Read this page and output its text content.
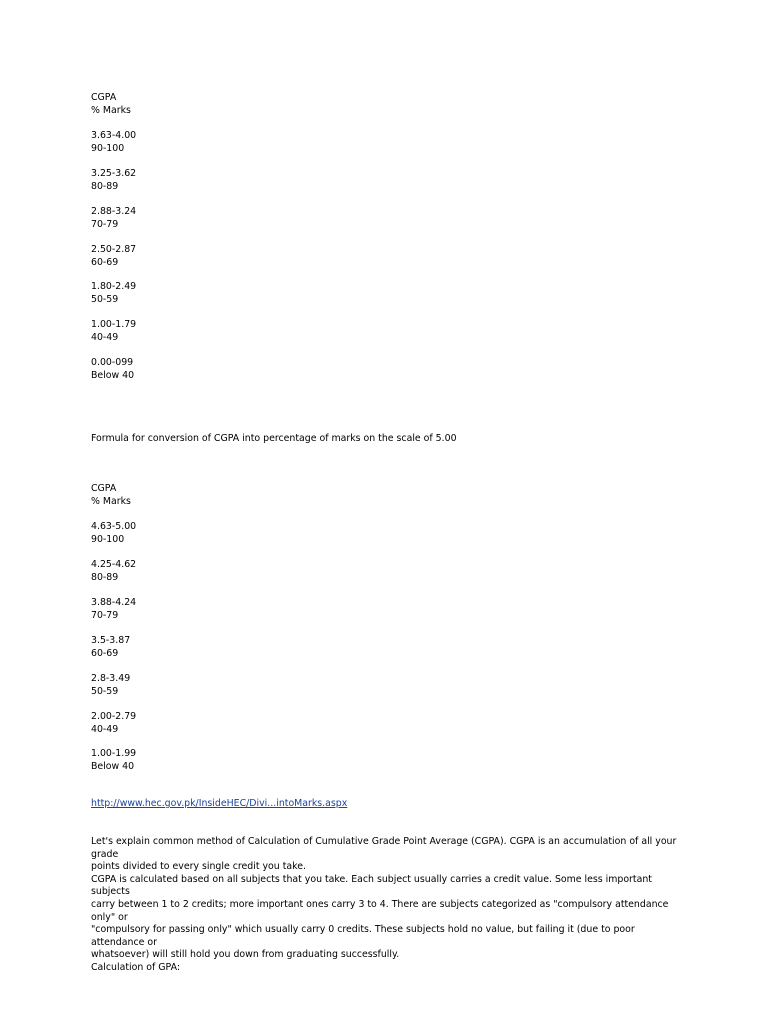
CGPA
% Marks
3.63-4.00
90-100
3.25-3.62
80-89
2.88-3.24
70-79
2.50-2.87
60-69
1.80-2.49
50-59
1.00-1.79
40-49
0.00-099
Below 40
Formula for conversion of CGPA into percentage of marks on the scale of 5.00
CGPA
% Marks
4.63-5.00
90-100
4.25-4.62
80-89
3.88-4.24
70-79
3.5-3.87
60-69
2.8-3.49
50-59
2.00-2.79
40-49
1.00-1.99
Below 40
http://www.hec.gov.pk/InsideHEC/Divi...intoMarks.aspx
Let's explain common method of Calculation of Cumulative Grade Point Average (CGPA). CGPA is an accumulation of all your grade
points divided to every single credit you take.
CGPA is calculated based on all subjects that you take. Each subject usually carries a credit value. Some less important subjects
carry between 1 to 2 credits; more important ones carry 3 to 4. There are subjects categorized as "compulsory attendance only" or
"compulsory for passing only" which usually carry 0 credits. These subjects hold no value, but failing it (due to poor attendance or
whatsoever) will still hold you down from graduating successfully.
Calculation of GPA:
